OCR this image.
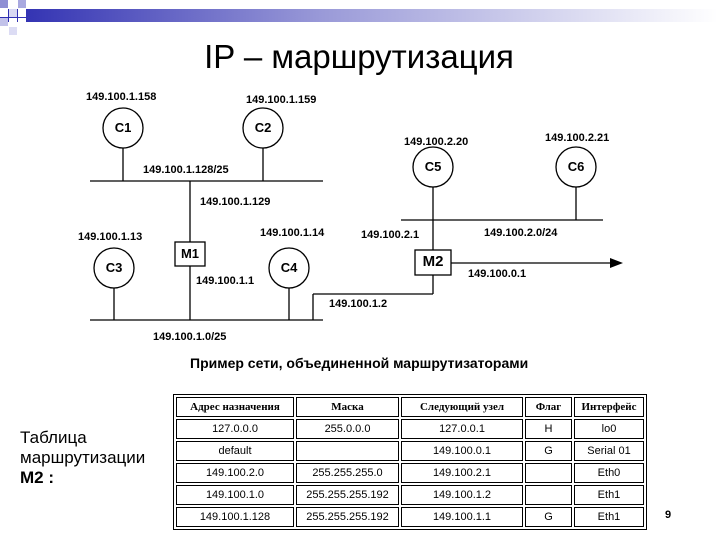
IP – маршрутизация
C1	C2
C3	C4
C5	C6
M1	M2
149.100.1.158	149.100.1.159
149.100.1.13	149.100.1.14
149.100.2.20	149.100.2.21
149.100.1.129
149.100.1.1
149.100.2.1
149.100.1.2
149.100.0.1
149.100.1.128/25
149.100.1.0/25
149.100.2.0/24
Пример сети, объединенной маршрутизаторами
Таблица
маршрутизации
M2 :
Адрес назначения	Маска	Следующий узел	Флаг	Интерфейс
127.0.0.0	255.0.0.0	127.0.0.1	H	lo0
default		149.100.0.1	G	Serial 01
149.100.2.0	255.255.255.0	149.100.2.1		Eth0
149.100.1.0	255.255.255.192	149.100.1.2		Eth1
149.100.1.128	255.255.255.192	149.100.1.1	G	Eth1	9
